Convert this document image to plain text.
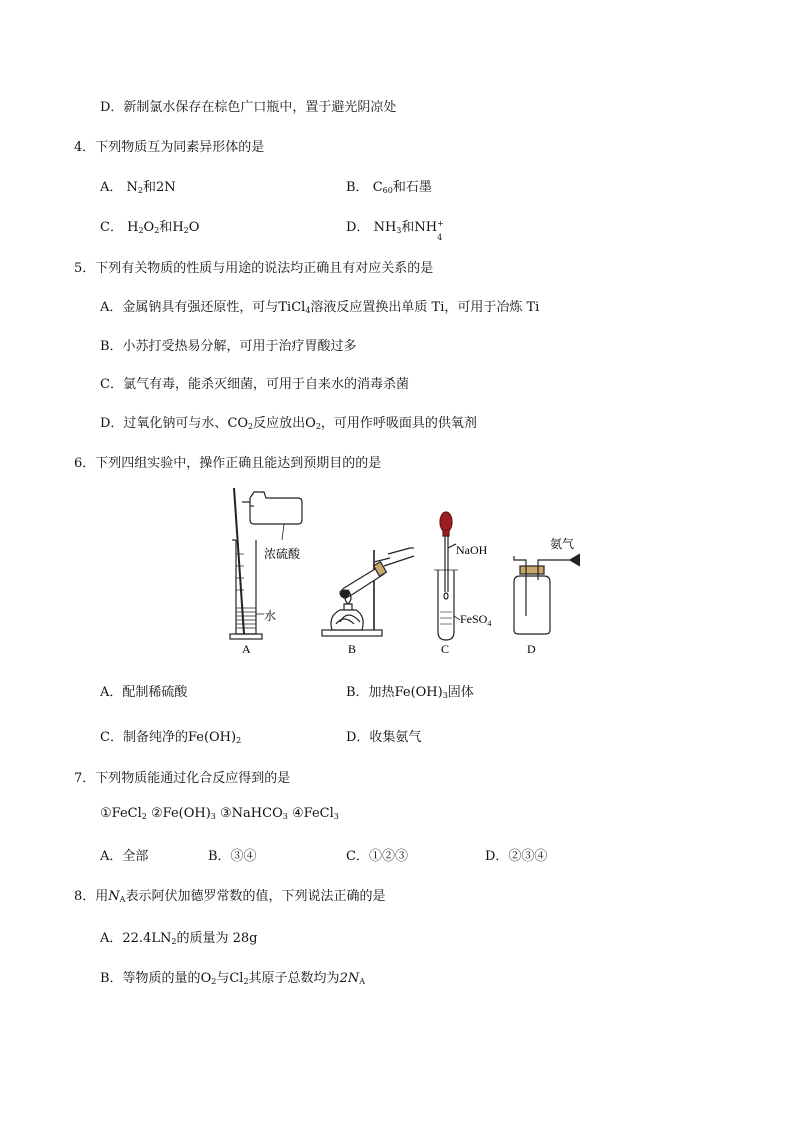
D．新制氯水保存在棕色广口瓶中，置于避光阴凉处
4．下列物质互为同素异形体的是
A． $N_2$和2N	B． $C_{60}$和石墨
C． $H_2O_2$和$H_2O$	D． $NH_3$和NH +
4
5．下列有关物质的性质与用途的说法均正确且有对应关系的是
A．金属钠具有强还原性，可与TiCl$_4$溶液反应置换出单质 Ti，可用于冶炼 Ti
B．小苏打受热易分解，可用于治疗胃酸过多
C．氯气有毒，能杀灭细菌，可用于自来水的消毒杀菌
D．过氧化钠可与水、$CO_2$反应放出$O_2$，可用作呼吸面具的供氧剂
6．下列四组实验中，操作正确且能达到预期目的的是
浓硫酸
水
NaOH
FeSO$_4$
氨气
A	B	C	D
A．配制稀硫酸	B．加热$Fe(OH)_3$固体
C．制备纯净的$Fe(OH)_2$	D．收集氨气
7．下列物质能通过化合反应得到的是
①FeCl$_2$ $②Fe(OH)_3$ ③NaHCO$_3$ ④FeCl$_3$
A．全部	B．③④	C．①②③	D．②③④
8．用$N_A$表示阿伏加德罗常数的值，下列说法正确的是
A．$22.4LN_2$的质量为 28g
B．等物质的量的$O_2$与$Cl_2$其原子总数均为$2N_A$
